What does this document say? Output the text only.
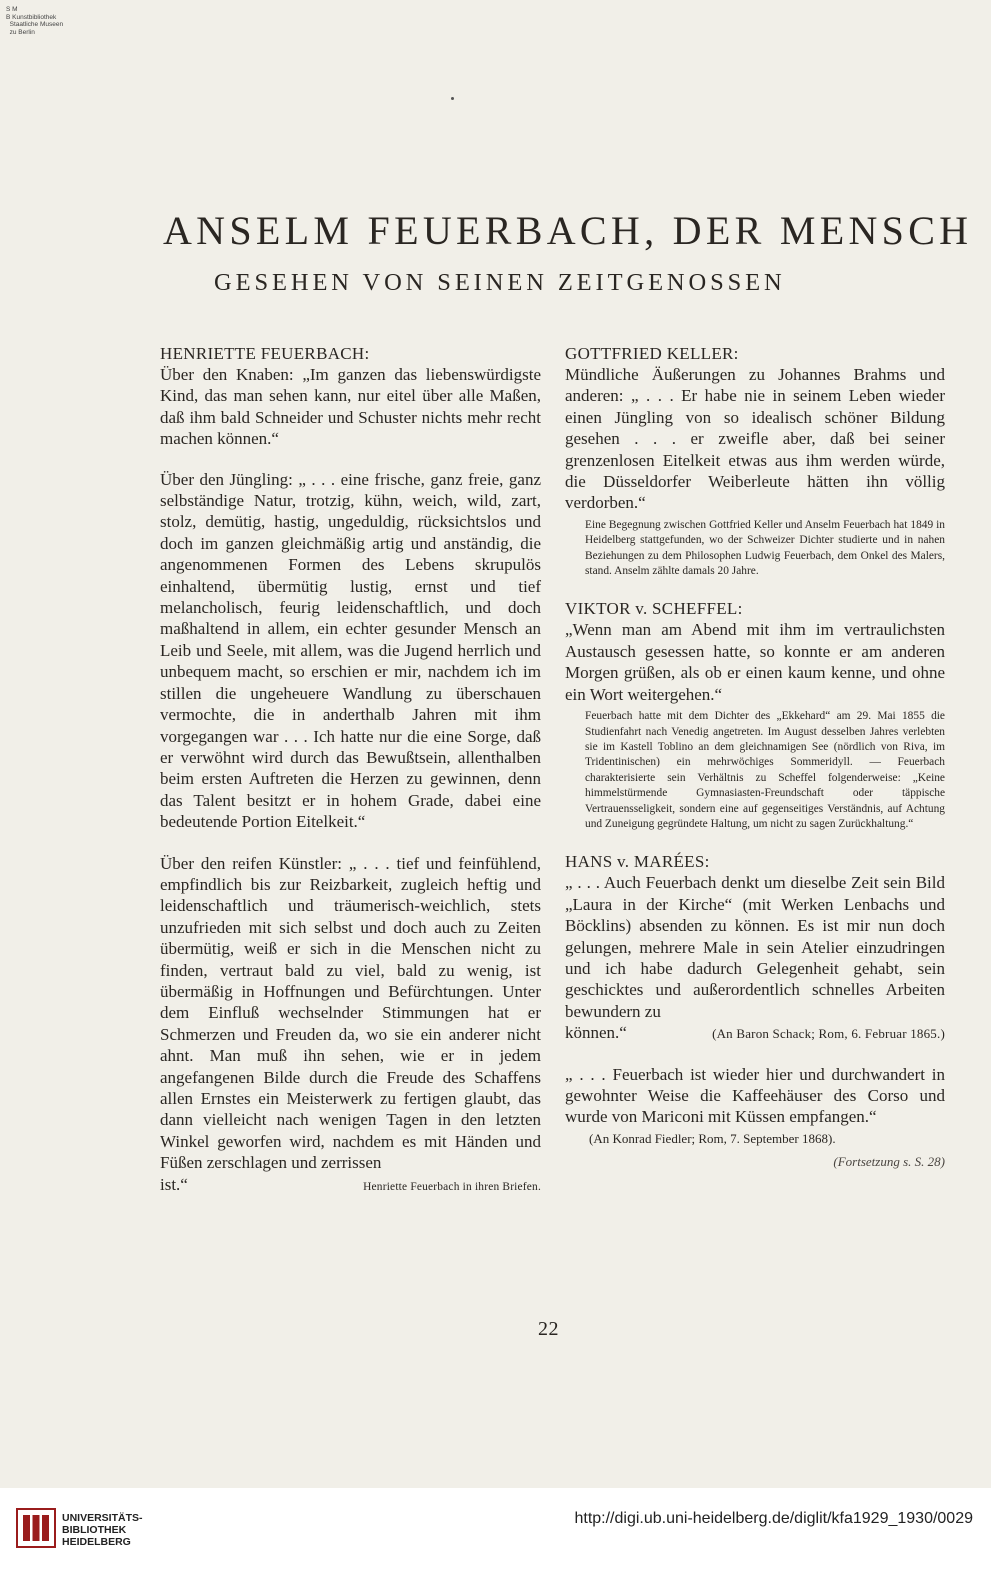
S M
B Kunstbibliothek
Staatliche Museen
zu Berlin
ANSELM FEUERBACH, DER MENSCH
GESEHEN VON SEINEN ZEITGENOSSEN
HENRIETTE FEUERBACH:

Über den Knaben: „Im ganzen das liebenswürdigste Kind, das man sehen kann, nur eitel über alle Maßen, daß ihm bald Schneider und Schuster nichts mehr recht machen können.“

Über den Jüngling: „ . . . eine frische, ganz freie, ganz selbständige Natur, trotzig, kühn, weich, wild, zart, stolz, demütig, hastig, ungeduldig, rücksichtslos und doch im ganzen gleichmäßig artig und anständig, die angenommenen Formen des Lebens skrupulös einhaltend, übermütig lustig, ernst und tief melancholisch, feurig leidenschaftlich, und doch maßhaltend in allem, ein echter gesunder Mensch an Leib und Seele, mit allem, was die Jugend herrlich und unbequem macht, so erschien er mir, nachdem ich im stillen die ungeheuere Wandlung zu überschauen vermochte, die in anderthalb Jahren mit ihm vorgegangen war . . . Ich hatte nur die eine Sorge, daß er verwöhnt wird durch das Bewußtsein, allenthalben beim ersten Auftreten die Herzen zu gewinnen, denn das Talent besitzt er in hohem Grade, dabei eine bedeutende Portion Eitelkeit.“

Über den reifen Künstler: „ . . . tief und feinfühlend, empfindlich bis zur Reizbarkeit, zugleich heftig und leidenschaftlich und träumerisch-weichlich, stets unzufrieden mit sich selbst und doch auch zu Zeiten übermütig, weiß er sich in die Menschen nicht zu finden, vertraut bald zu viel, bald zu wenig, ist übermäßig in Hoffnungen und Befürchtungen. Unter dem Einfluß wechselnder Stimmungen hat er Schmerzen und Freuden da, wo sie ein anderer nicht ahnt. Man muß ihn sehen, wie er in jedem angefangenen Bilde durch die Freude des Schaffens allen Ernstes ein Meisterwerk zu fertigen glaubt, das dann vielleicht nach wenigen Tagen in den letzten Winkel geworfen wird, nachdem es mit Händen und Füßen zerschlagen und zerrissen

ist.“	Henriette Feuerbach in ihren Briefen.
GOTTFRIED KELLER:

Mündliche Äußerungen zu Johannes Brahms und anderen: „ . . . Er habe nie in seinem Leben wieder einen Jüngling von so idealisch schöner Bildung gesehen . . . er zweifle aber, daß bei seiner grenzenlosen Eitelkeit etwas aus ihm werden würde, die Düsseldorfer Weiberleute hätten ihn völlig verdorben.“

Eine Begegnung zwischen Gottfried Keller und Anselm Feuerbach hat 1849 in Heidelberg stattgefunden, wo der Schweizer Dichter studierte und in nahen Beziehungen zu dem Philosophen Ludwig Feuerbach, dem Onkel des Malers, stand. Anselm zählte damals 20 Jahre.

VIKTOR v. SCHEFFEL:

„Wenn man am Abend mit ihm im vertraulichsten Austausch gesessen hatte, so konnte er am anderen Morgen grüßen, als ob er einen kaum kenne, und ohne ein Wort weitergehen.“

Feuerbach hatte mit dem Dichter des „Ekkehard“ am 29. Mai 1855 die Studienfahrt nach Venedig angetreten. Im August desselben Jahres verlebten sie im Kastell Toblino an dem gleichnamigen See (nördlich von Riva, im Tridentinischen) ein mehrwöchiges Sommeridyll. — Feuerbach charakterisierte sein Verhältnis zu Scheffel folgenderweise: „Keine himmelstürmende Gymnasiasten-Freundschaft oder täppische Vertrauensseligkeit, sondern eine auf gegenseitiges Verständnis, auf Achtung und Zuneigung gegründete Haltung, um nicht zu sagen Zurückhaltung.“

HANS v. MARÉES:

„ . . . Auch Feuerbach denkt um dieselbe Zeit sein Bild „Laura in der Kirche“ (mit Werken Lenbachs und Böcklins) absenden zu können. Es ist mir nun doch gelungen, mehrere Male in sein Atelier einzudringen und ich habe dadurch Gelegenheit gehabt, sein geschicktes und außerordentlich schnelles Arbeiten bewundern zu

können.“	(An Baron Schack; Rom, 6. Februar 1865.)

„ . . . Feuerbach ist wieder hier und durchwandert in gewohnter Weise die Kaffeehäuser des Corso und wurde von Mariconi mit Küssen empfangen.“

(An Konrad Fiedler; Rom, 7. September 1868).
(Fortsetzung s. S. 28)
22
UNIVERSITÄTS-
BIBLIOTHEK
HEIDELBERG
http://digi.ub.uni-heidelberg.de/diglit/kfa1929_1930/0029
